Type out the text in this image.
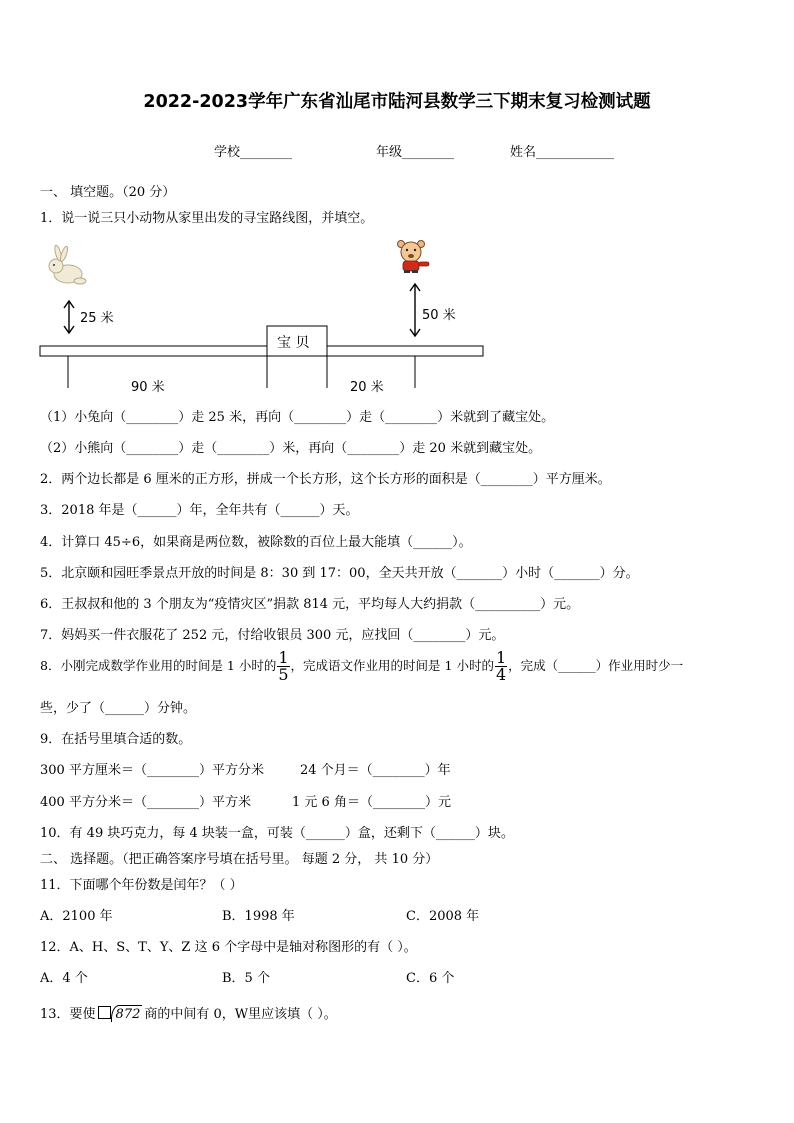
2022-2023学年广东省汕尾市陆河县数学三下期末复习检测试题
学校________	年级________	姓名____________
一、 填空题。（20 分）
1．说一说三只小动物从家里出发的寻宝路线图，并填空。
25 米	50 米
宝 贝
90 米	20 米
（1）小兔向（________）走 25 米，再向（________）走（________）米就到了藏宝处。
（2）小熊向（________）走（________）米，再向（________）走 20 米就到藏宝处。
2．两个边长都是 6 厘米的正方形，拼成一个长方形，这个长方形的面积是（________）平方厘米。
3．2018 年是（______）年，全年共有（______）天。
4．计算口 45÷6，如果商是两位数，被除数的百位上最大能填（______）。
5．北京颐和园旺季景点开放的时间是 8：30 到 17：00，全天共开放（_______）小时（_______）分。
6．王叔叔和他的 3 个朋友为“疫情灾区”捐款 814 元，平均每人大约捐款（__________）元。
7．妈妈买一件衣服花了 252 元，付给收银员 300 元，应找回（________）元。
8．小刚完成数学作业用的时间是 1 小时的 $\frac{1}{5}$ ，完成语文作业用的时间是 1 小时的 $\frac{1}{4}$ ，完成（______）作业用时少一
些，少了（______）分钟。
9．在括号里填合适的数。
300 平方厘米＝（________）平方分米	24 个月＝（________）年
400 平方分米＝（________）平方米	1 元 6 角＝（________）元
10．有 49 块巧克力，每 4 块装一盒，可装（______）盒，还剩下（______）块。
二、 选择题。（把正确答案序号填在括号里。 每题 2 分， 共 10 分）
11．下面哪个年份数是闰年？（ ）
A．2100 年	B．1998 年	C．2008 年
12．A、H、S、T、Y、Z 这 6 个字母中是轴对称图形的有（ ）。
A．4 个	B．5 个	C．6 个
13．要使 872 商的中间有 0，W里应该填（ ）。
